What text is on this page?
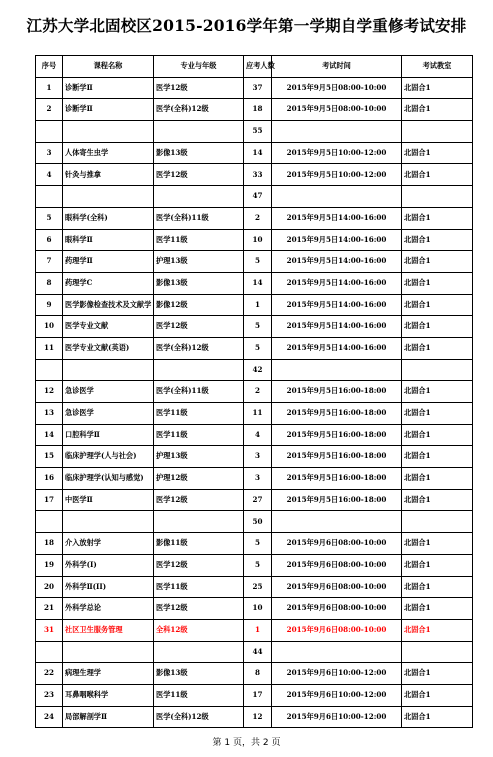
江苏大学北固校区2015-2016学年第一学期自学重修考试安排
序号	课程名称	专业与年级	应考人数	考试时间	考试教室
1	诊断学Ⅱ	医学12级	37	2015年9月5日08:00-10:00	北固合1
2	诊断学Ⅱ	医学(全科)12级	18	2015年9月5日08:00-10:00	北固合1
			55		
3	人体寄生虫学	影像13级	14	2015年9月5日10:00-12:00	北固合1
4	针灸与推拿	医学12级	33	2015年9月5日10:00-12:00	北固合1
			47		
5	眼科学(全科)	医学(全科)11级	2	2015年9月5日14:00-16:00	北固合1
6	眼科学Ⅱ	医学11级	10	2015年9月5日14:00-16:00	北固合1
7	药理学Ⅱ	护理13级	5	2015年9月5日14:00-16:00	北固合1
8	药理学C	影像13级	14	2015年9月5日14:00-16:00	北固合1
9	医学影像检查技术及文献学	影像12级	1	2015年9月5日14:00-16:00	北固合1
10	医学专业文献	医学12级	5	2015年9月5日14:00-16:00	北固合1
11	医学专业文献(英语)	医学(全科)12级	5	2015年9月5日14:00-16:00	北固合1
			42		
12	急诊医学	医学(全科)11级	2	2015年9月5日16:00-18:00	北固合1
13	急诊医学	医学11级	11	2015年9月5日16:00-18:00	北固合1
14	口腔科学Ⅱ	医学11级	4	2015年9月5日16:00-18:00	北固合1
15	临床护理学(人与社会)	护理13级	3	2015年9月5日16:00-18:00	北固合1
16	临床护理学(认知与感觉)	护理12级	3	2015年9月5日16:00-18:00	北固合1
17	中医学Ⅱ	医学12级	27	2015年9月5日16:00-18:00	北固合1
			50		
18	介入放射学	影像11级	5	2015年9月6日08:00-10:00	北固合1
19	外科学(I)	医学12级	5	2015年9月6日08:00-10:00	北固合1
20	外科学Ⅱ(II)	医学11级	25	2015年9月6日08:00-10:00	北固合1
21	外科学总论	医学12级	10	2015年9月6日08:00-10:00	北固合1
31	社区卫生服务管理	全科12级	1	2015年9月6日08:00-10:00	北固合1
			44		
22	病理生理学	影像13级	8	2015年9月6日10:00-12:00	北固合1
23	耳鼻咽喉科学	医学11级	17	2015年9月6日10:00-12:00	北固合1
24	局部解剖学Ⅱ	医学(全科)12级	12	2015年9月6日10:00-12:00	北固合1
第 1 页，共 2 页
